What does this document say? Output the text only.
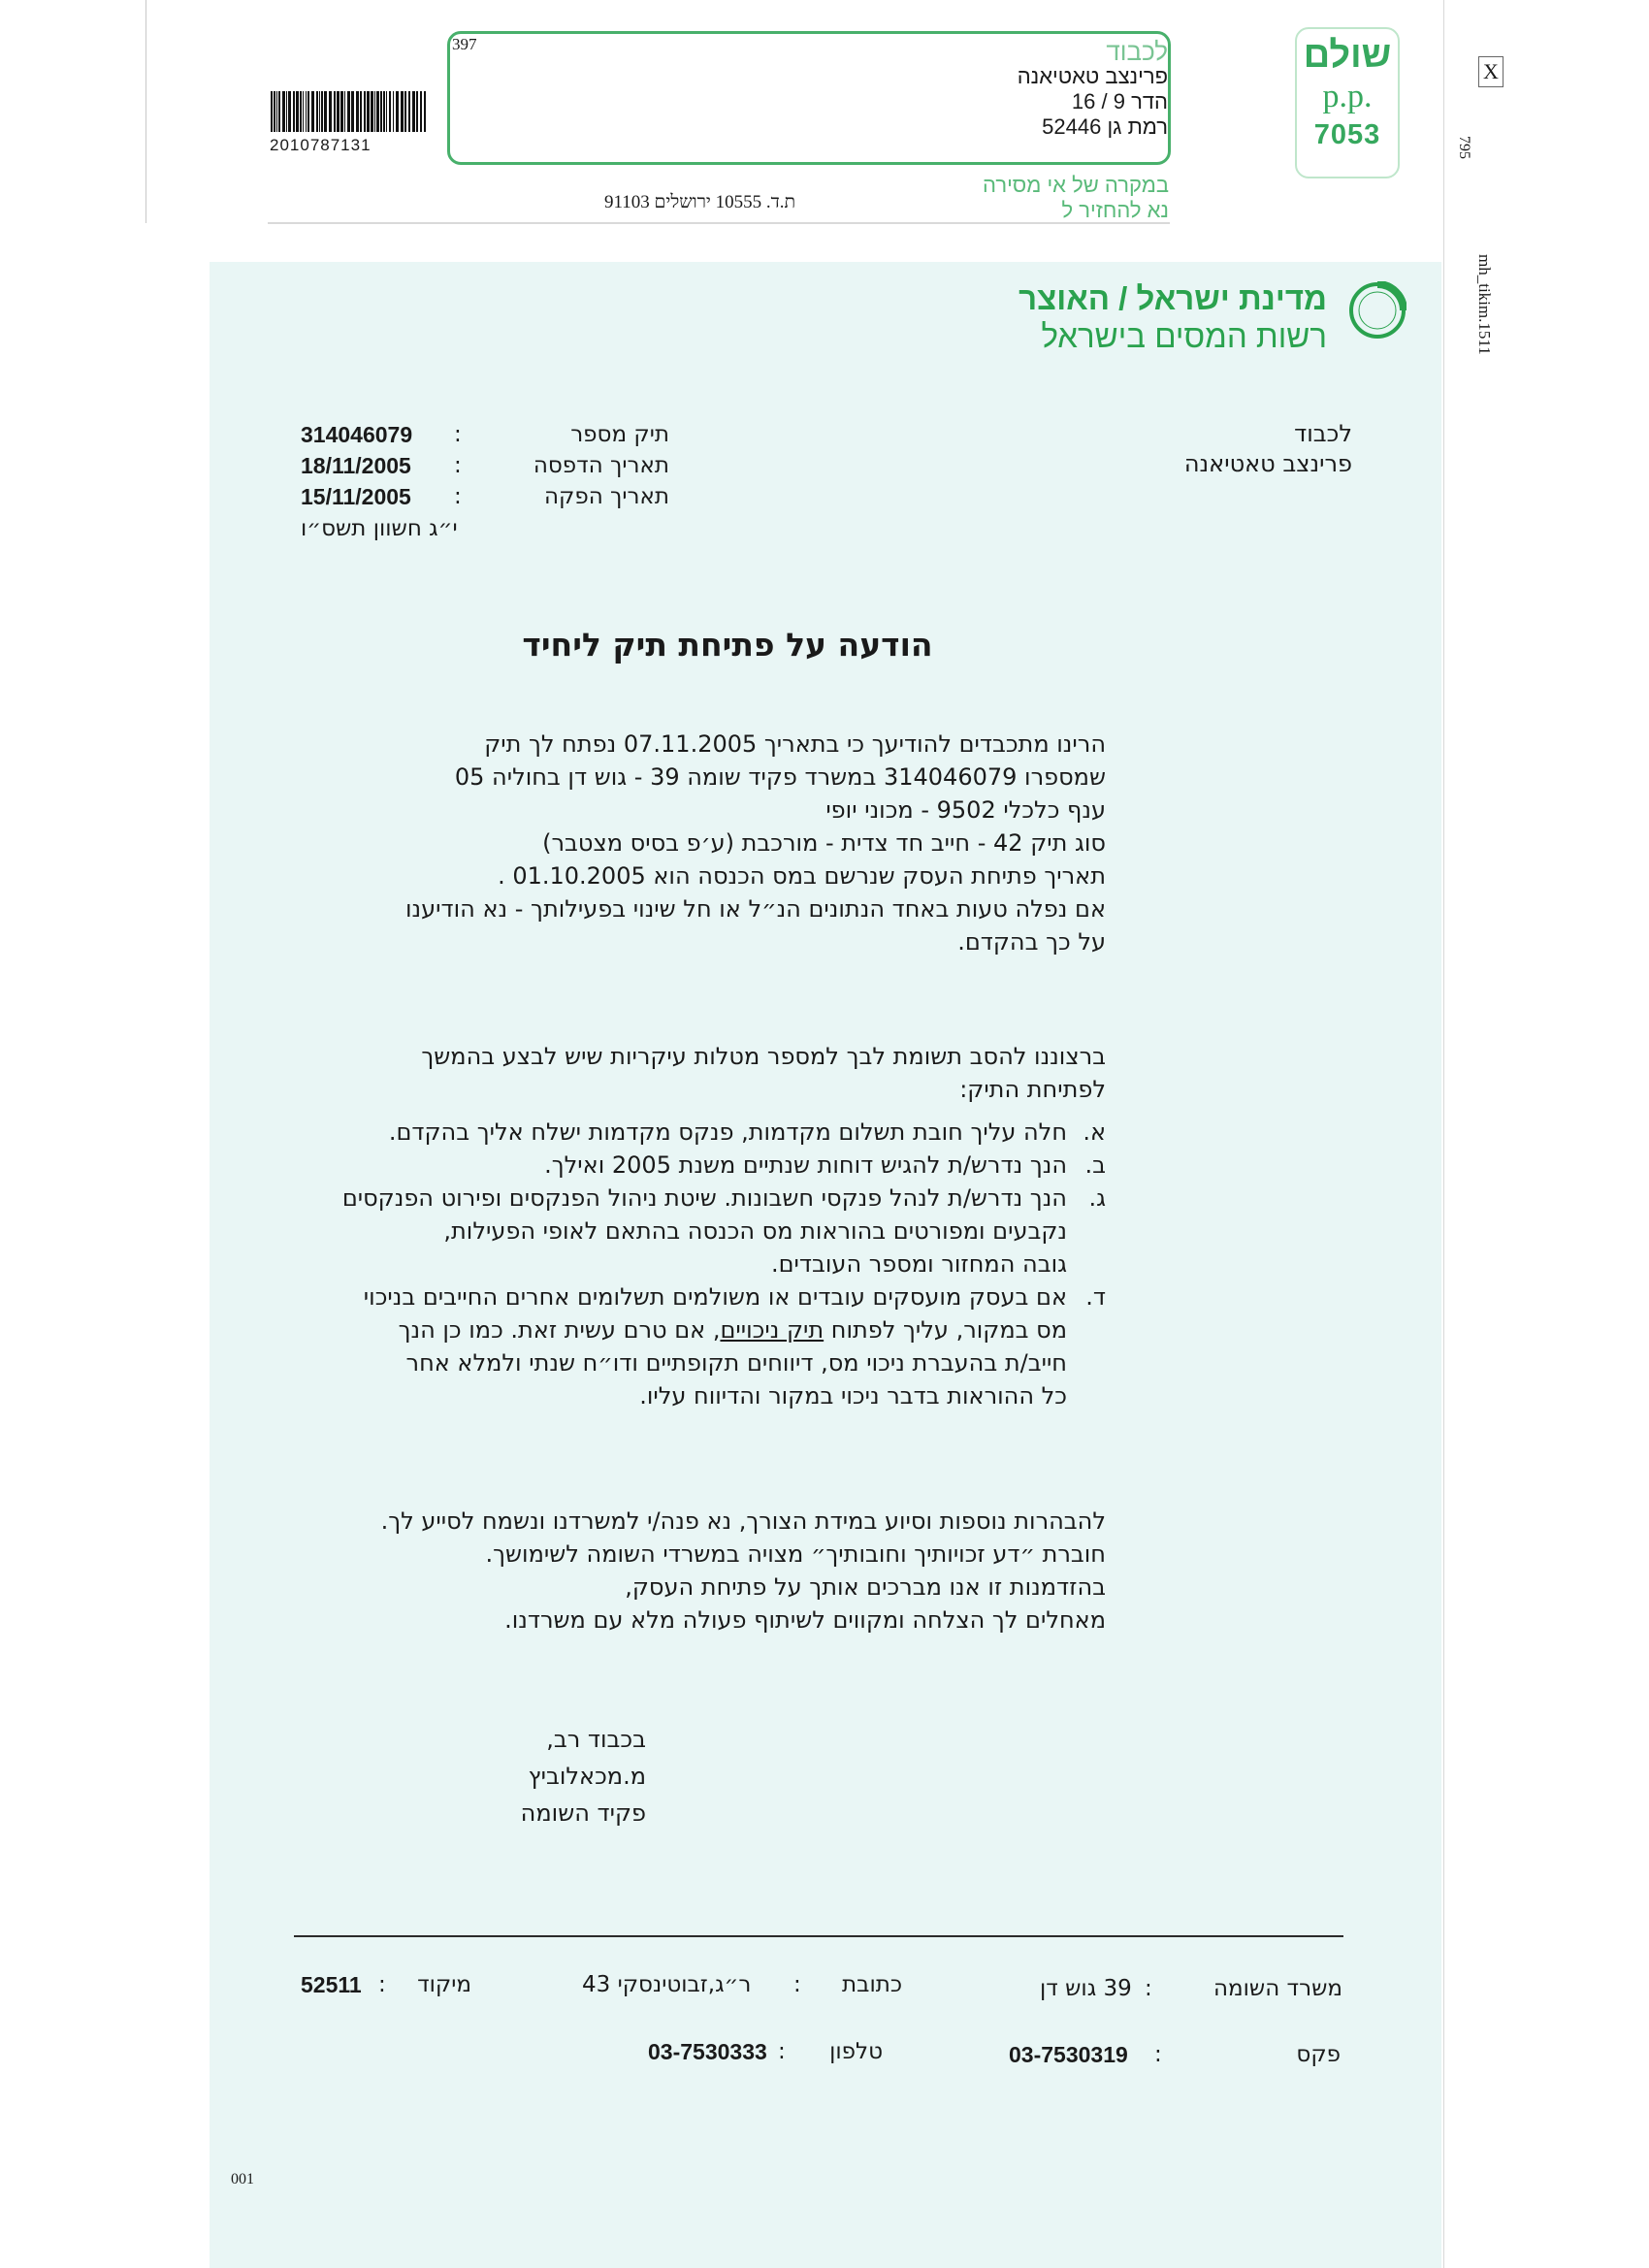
2010787131
397	לכבוד
פרינצב טאטיאנה
הדר 9 / 16
רמת גן 52446
במקרה של אי מסירה
נא להחזיר ל
ת.ד. 10555 ירושלים 91103
שולם
p.p.
7053
X
795
mh_tikim.1511
מדינת ישראל / האוצר
רשות המסים בישראל
לכבוד
פרינצב טאטיאנה
תיק מספר
:
314046079
תאריך הדפסה
:
18/11/2005
תאריך הפקה
:
15/11/2005
י״ג חשוון תשס״ו
הודעה על פתיחת תיק ליחיד
הרינו מתכבדים להודיעך כי בתאריך 07.11.2005 נפתח לך תיק
שמספרו 314046079 במשרד פקיד שומה 39 - גוש דן בחוליה 05
ענף כלכלי 9502 - מכוני יופי
סוג תיק 42 - חייב חד צדית - מורכבת (ע׳פ בסיס מצטבר)
תאריך פתיחת העסק שנרשם במס הכנסה הוא 01.10.2005 .
אם נפלה טעות באחד הנתונים הנ״ל או חל שינוי בפעילותך - נא הודיענו
על כך בהקדם.
ברצוננו להסב תשומת לבך למספר מטלות עיקריות שיש לבצע בהמשך
לפתיחת התיק:
א.
חלה עליך חובת תשלום מקדמות, פנקס מקדמות ישלח אליך בהקדם.
ב.
הנך נדרש/ת להגיש דוחות שנתיים משנת 2005 ואילך.
ג.
הנך נדרש/ת לנהל פנקסי חשבונות. שיטת ניהול הפנקסים ופירוט הפנקסים
נקבעים ומפורטים בהוראות מס הכנסה בהתאם לאופי הפעילות,
גובה המחזור ומספר העובדים.
ד.
אם בעסק מועסקים עובדים או משולמים תשלומים אחרים החייבים בניכוי
מס במקור, עליך לפתוח תיק ניכויים, אם טרם עשית זאת. כמו כן הנך
חייב/ת בהעברת ניכוי מס, דיווחים תקופתיים ודו״ח שנתי ולמלא אחר
כל ההוראות בדבר ניכוי במקור והדיווח עליו.
להבהרות נוספות וסיוע במידת הצורך, נא פנה/י למשרדנו ונשמח לסייע לך.
חוברת ״דע זכויותיך וחובותיך״ מצויה במשרדי השומה לשימושך.
בהזדמנות זו אנו מברכים אותך על פתיחת העסק,
מאחלים לך הצלחה ומקווים לשיתוף פעולה מלא עם משרדנו.
בכבוד רב,
מ.מכאלוביץ
פקיד השומה
משרד השומה
:
39 גוש דן
כתובת
:
ר״ג,זבוטינסקי 43
מיקוד
:
52511
פקס
:
03-7530319
טלפון
:
03-7530333
001
